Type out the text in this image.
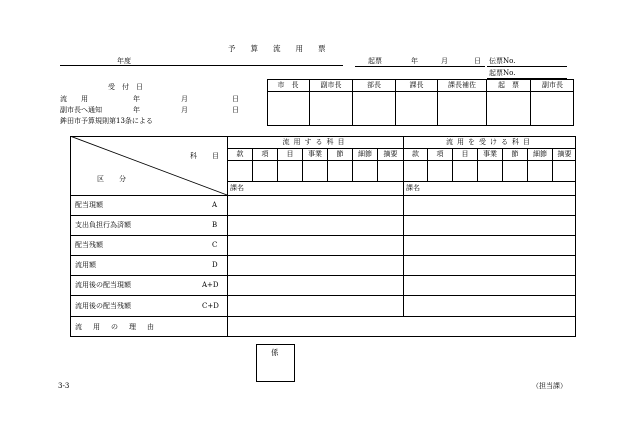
予　　算　　流　　用　　票
年度	起票	年	月	日 伝票No.
起票No.
受　付　日
流　　用	年	月	日
副市長へ通知	年	月	日
鉾田市予算規則第13条による
市　長	副市長	部長	課長	課長補佐	起　票	副市長
流用する科目	流用を受ける科目
款	項	目	事業	節	細節	摘要	款	項	目	事業	節	細節	摘要
課名	課名
科　目
区　分
配当現額	A
支出負担行為済額	B
配当残額	C
流用額	D
流用後の配当現額	A+D
流用後の配当残額	C+D
流　用　の　理　由
係
3-3	（担当課）
